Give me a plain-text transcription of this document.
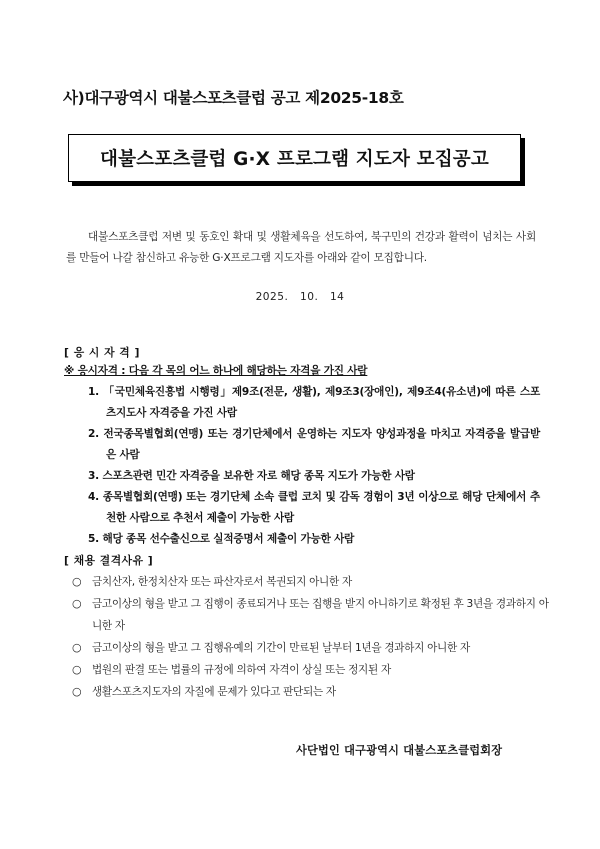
사)대구광역시 대불스포츠클럽 공고 제2025-18호
대불스포츠클럽 G·X 프로그램 지도자 모집공고

대불스포츠클럽 저변 및 동호인 확대 및 생활체육을 선도하여, 북구민의 건강과 활력이 넘치는 사회를 만들어 나갈 참신하고 유능한 G·X프로그램 지도자를 아래와 같이 모집합니다.

2025.   10.   14
[ 응 시 자 격 ]
※ 응시자격 : 다음 각 목의 어느 하나에 해당하는 자격을 가진 사람
1. 「국민체육진흥법 시행령」제9조(전문, 생활), 제9조3(장애인), 제9조4(유소년)에 따른 스포츠지도사 자격증을 가진 사람
2. 전국종목별협회(연맹) 또는 경기단체에서 운영하는 지도자 양성과정을 마치고 자격증을 발급받은 사람
3. 스포츠관련 민간 자격증을 보유한 자로 해당 종목 지도가 가능한 사람
4. 종목별협회(연맹) 또는 경기단체 소속 클럽 코치 및 감독 경험이 3년 이상으로 해당 단체에서 추천한 사람으로 추천서 제출이 가능한 사람
5. 해당 종목 선수출신으로 실적증명서 제출이 가능한 사람
[ 채용 결격사유 ]
○ 금치산자, 한정치산자 또는 파산자로서 복권되지 아니한 자
○ 금고이상의 형을 받고 그 집행이 종료되거나 또는 집행을 받지 아니하기로 확정된 후 3년을 경과하지 아니한 자
○ 금고이상의 형을 받고 그 집행유예의 기간이 만료된 날부터 1년을 경과하지 아니한 자
○ 법원의 판결 또는 법률의 규정에 의하여 자격이 상실 또는 정지된 자
○ 생활스포츠지도자의 자질에 문제가 있다고 판단되는 자
사단법인 대구광역시 대불스포츠클럽회장
